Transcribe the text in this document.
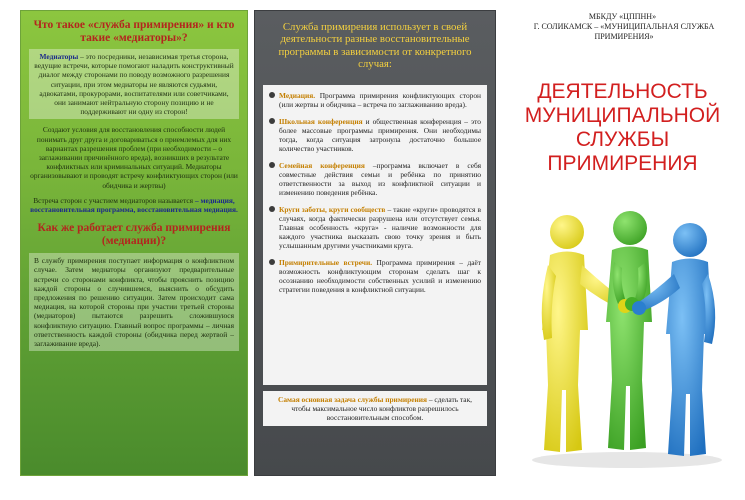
Что такое «служба примирения» и кто такие «медиаторы»?
Медиаторы – это посредники, независимая третья сторона, ведущие встречи, которые помогают наладить конструктивный диалог между сторонами по поводу возможного разрешения ситуации, при этом медиаторы не являются судьями, адвокатами, прокурорами, воспитателями или советчиками, они занимают нейтральную сторону позицию и не поддерживают ни одну из сторон!
Создают условия для восстановления способности людей понимать друг друга и договариваться о приемлемых для них вариантах разрешения проблем (при необходимости – о заглаживании причинённого вреда), возникших в результате конфликтных или криминальных ситуаций. Медиаторы организовывают и проводят встречу конфликтующих сторон (или обидчика и жертвы)
Встреча сторон с участием медиаторов называется – медиация, восстановительная программа, восстановительная медиация.
Как же работает служба примирения (медиации)?
В службу примирения поступает информация о конфликтном случае. Затем медиаторы организуют предварительные встречи со сторонами конфликта, чтобы прояснить позицию каждой стороны о случившемся, выяснить о обсудить предложения по решению ситуации. Затем происходит сама медиация, на которой стороны при участии третьей стороны (медиаторов) пытаются разрешить сложившуюся конфликтную ситуацию. Главный вопрос программы – личная ответственность каждой стороны (обидчика перед жертвой – заглаживание вреда).
Служба примирения использует в своей деятельности разные восстановительные программы в зависимости от конкретного случая:
Медиация. Программа примирения конфликтующих сторон (или жертвы и обидчика – встреча по заглаживанию вреда).
Школьная конференция и общественная конференция – это более массовые программы примирения. Они необходимы тогда, когда ситуация затронула достаточно большое количество участников.
Семейная конференция –программа включает в себя совместные действия семьи и ребёнка по принятию ответственности за выход из конфликтной ситуации и изменению поведения ребёнка.
Круги заботы, круги сообществ – такие «круги» проводятся в случаях, когда фактически разрушена или отсутствует семья. Главная особенность «круга» - наличие возможности для каждого участника высказать свою точку зрения и быть услышанным другими участниками круга.
Примирительные встречи. Программа примирения – даёт возможность конфликтующим сторонам сделать шаг к осознанию необходимости собственных усилий и изменению стратегии поведения в конфликтной ситуации.
Самая основная задача службы примирения – сделать так, чтобы максимальное число конфликтов разрешилось восстановительным способом.
МБКДУ «ЦППНН»
Г. СОЛИКАМСК – «МУНИЦИПАЛЬНАЯ СЛУЖБА ПРИМИРЕНИЯ»
ДЕЯТЕЛЬНОСТЬ МУНИЦИПАЛЬНОЙ СЛУЖБЫ ПРИМИРЕНИЯ
